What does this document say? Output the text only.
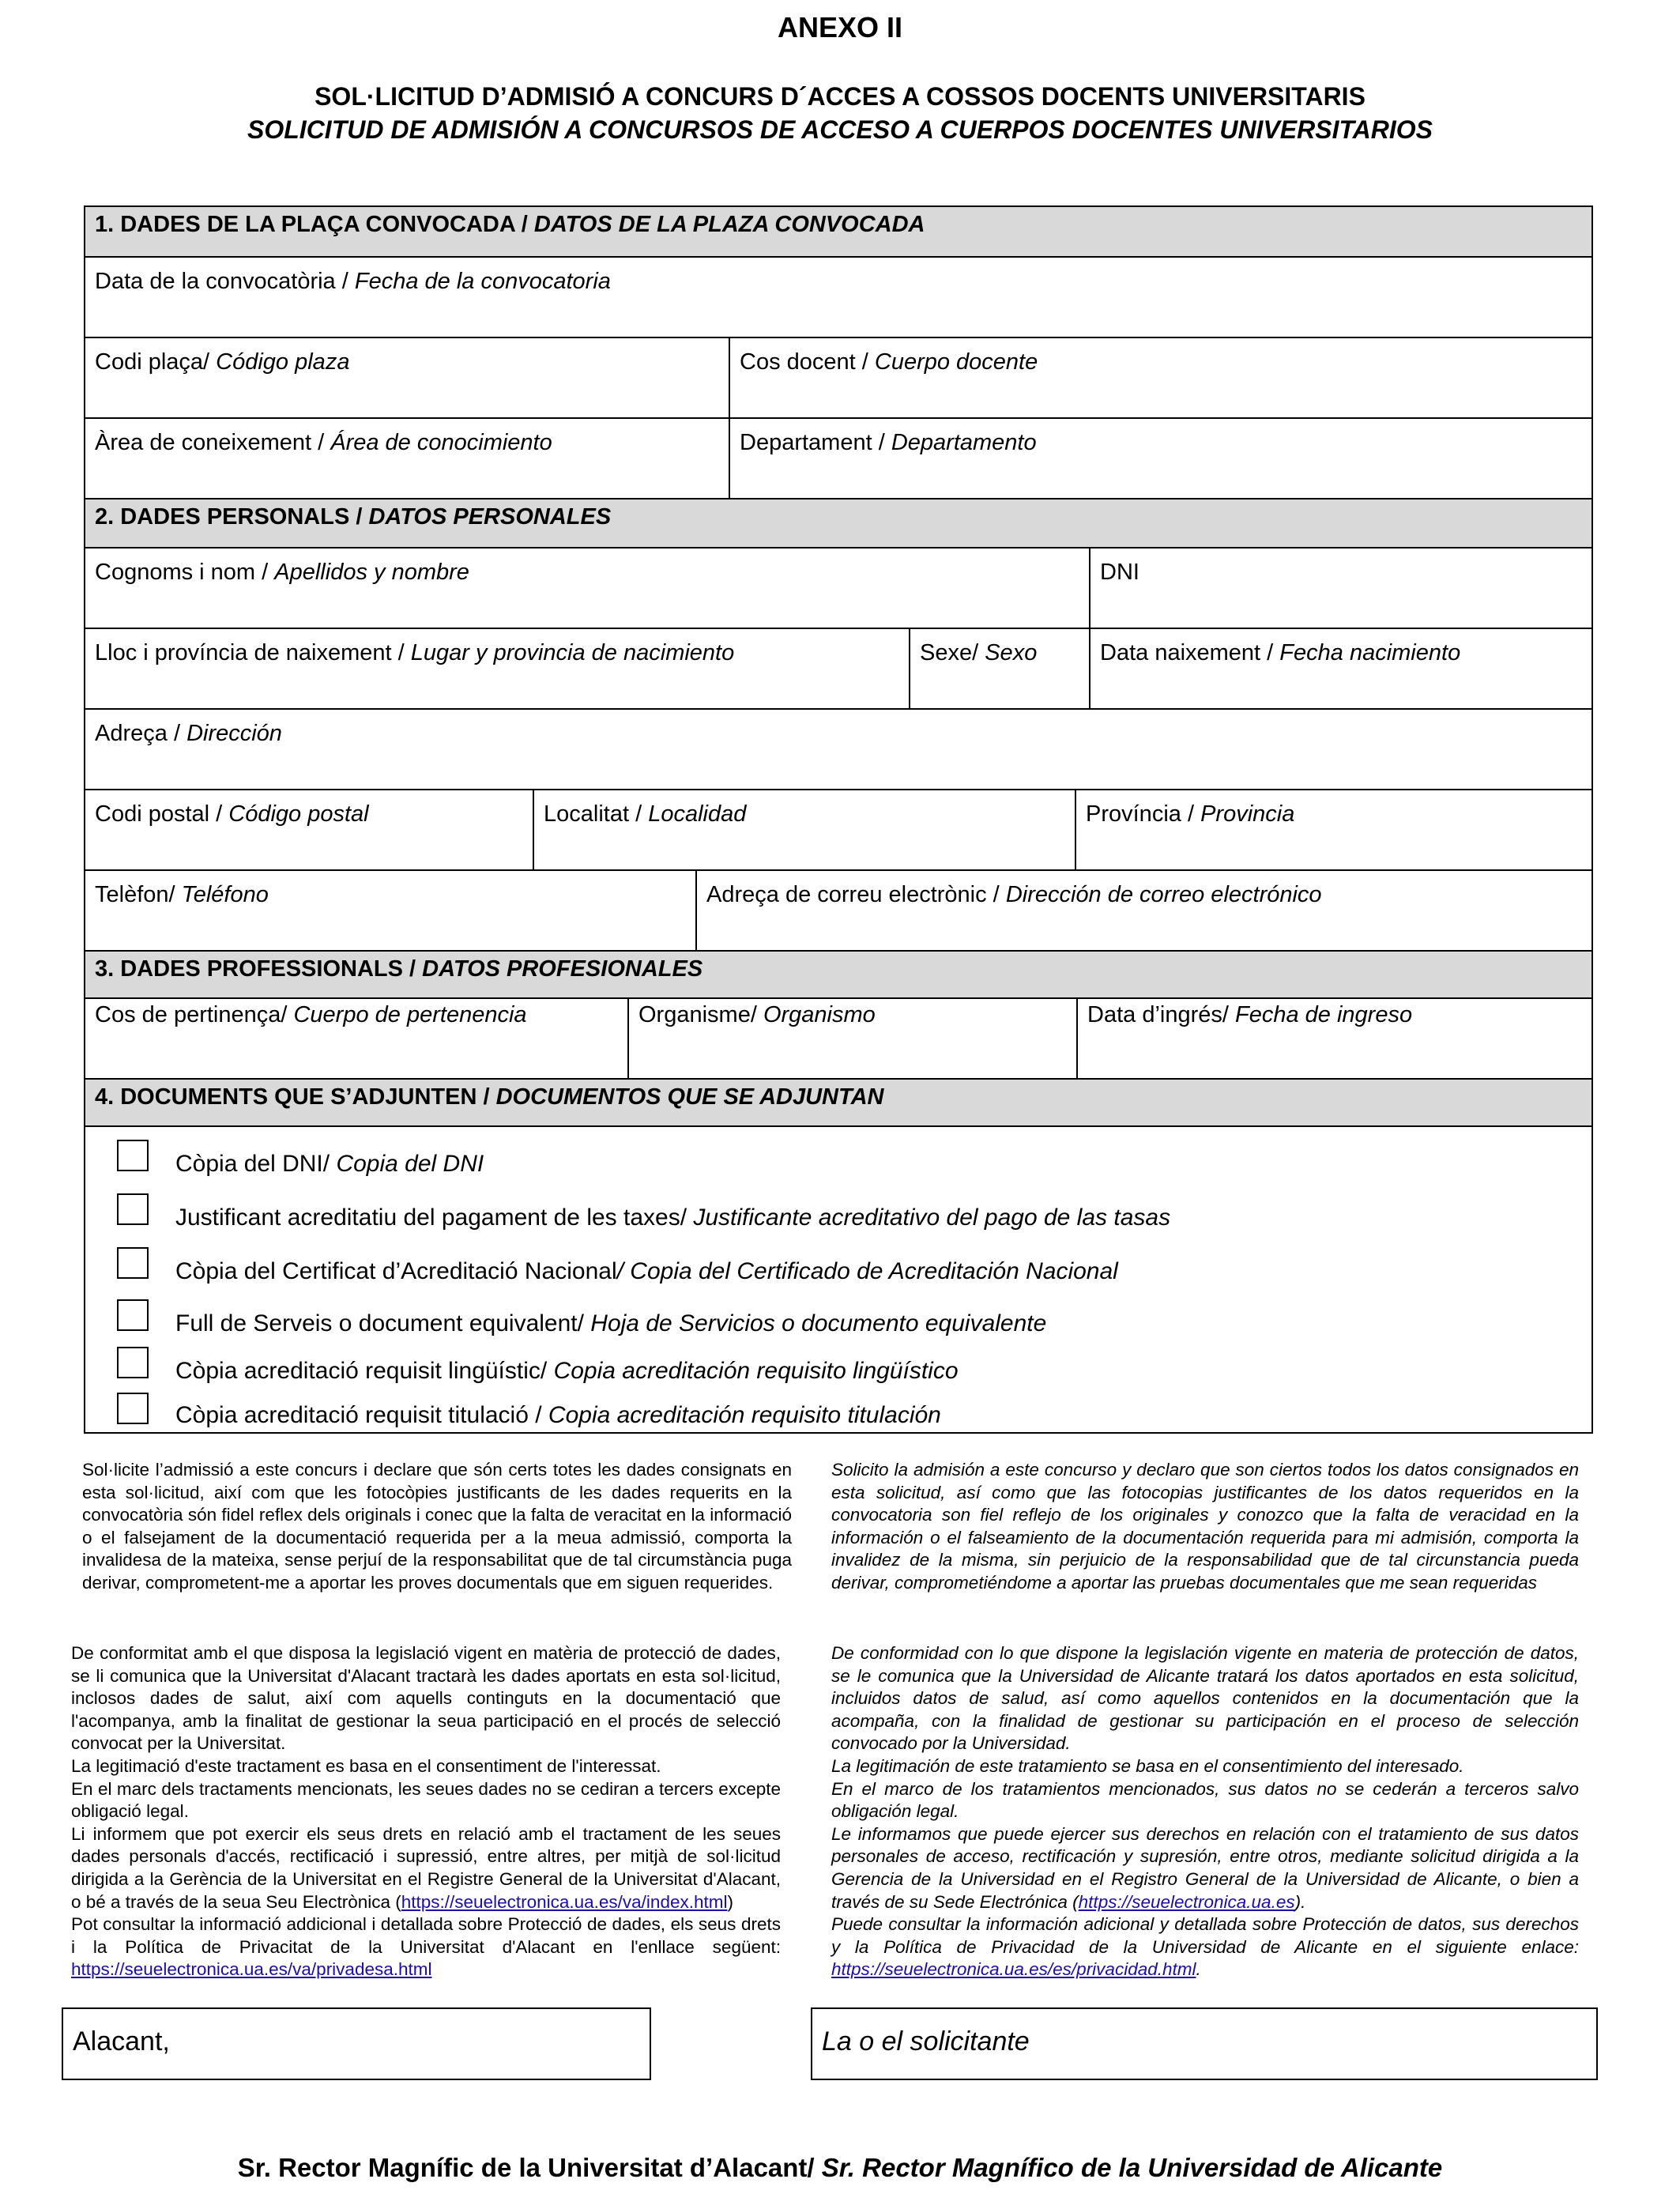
ANEXO II
SOL·LICITUD D’ADMISIÓ A CONCURS D´ACCES A COSSOS DOCENTS UNIVERSITARIS
SOLICITUD DE ADMISIÓN A CONCURSOS DE ACCESO A CUERPOS DOCENTES UNIVERSITARIOS
1. DADES DE LA PLAÇA CONVOCADA / DATOS DE LA PLAZA CONVOCADA
Data de la convocatòria / Fecha de la convocatoria
Codi plaça/ Código plaza	Cos docent / Cuerpo docente
Àrea de coneixement / Área de conocimiento	Departament / Departamento
2. DADES PERSONALS / DATOS PERSONALES
Cognoms i nom / Apellidos y nombre	DNI
Lloc i província de naixement / Lugar y provincia de nacimiento	Sexe/ Sexo	Data naixement / Fecha nacimiento
Adreça / Dirección
Codi postal / Código postal	Localitat / Localidad	Província / Provincia
Telèfon/ Teléfono	Adreça de correu electrònic / Dirección de correo electrónico
3. DADES PROFESSIONALS / DATOS PROFESIONALES
Cos de pertinença/ Cuerpo de pertenencia	Organisme/ Organismo	Data d’ingrés/ Fecha de ingreso
4. DOCUMENTS QUE S’ADJUNTEN / DOCUMENTOS QUE SE ADJUNTAN
Còpia del DNI/ Copia del DNI
Justificant acreditatiu del pagament de les taxes/ Justificante acreditativo del pago de las tasas
Còpia del Certificat d’Acreditació Nacional/ Copia del Certificado de Acreditación Nacional
Full de Serveis o document equivalent/ Hoja de Servicios o documento equivalente
Còpia acreditació requisit lingüístic/ Copia acreditación requisito lingüístico
Còpia acreditació requisit titulació / Copia acreditación requisito titulación
Sol·licite l’admissió a este concurs i declare que són certs totes les dades consignats en esta sol·licitud, així com que les fotocòpies justificants de les dades requerits en la convocatòria són fidel reflex dels originals i conec que la falta de veracitat en la informació o el falsejament de la documentació requerida per a la meua admissió, comporta la invalidesa de la mateixa, sense perjuí de la responsabilitat que de tal circumstància puga derivar, comprometent-me a aportar les proves documentals que em siguen requerides.
Solicito la admisión a este concurso y declaro que son ciertos todos los datos consignados en esta solicitud, así como que las fotocopias justificantes de los datos requeridos en la convocatoria son fiel reflejo de los originales y conozco que la falta de veracidad en la información o el falseamiento de la documentación requerida para mi admisión, comporta la invalidez de la misma, sin perjuicio de la responsabilidad que de tal circunstancia pueda derivar, comprometiéndome a aportar las pruebas documentales que me sean requeridas

De conformitat amb el que disposa la legislació vigent en matèria de protecció de dades, se li comunica que la Universitat d'Alacant tractarà les dades aportats en esta sol·licitud, inclosos dades de salut, així com aquells continguts en la documentació que l'acompanya, amb la finalitat de gestionar la seua participació en el procés de selecció convocat per la Universitat.

La legitimació d'este tractament es basa en el consentiment de l'interessat.

En el marc dels tractaments mencionats, les seues dades no se cediran a tercers excepte obligació legal.

Li informem que pot exercir els seus drets en relació amb el tractament de les seues dades personals d'accés, rectificació i supressió, entre altres, per mitjà de sol·licitud dirigida a la Gerència de la Universitat en el Registre General de la Universitat d'Alacant, o bé a través de la seua Seu Electrònica (https://seuelectronica.ua.es/va/index.html)

Pot consultar la informació addicional i detallada sobre Protecció de dades, els seus drets i la Política de Privacitat de la Universitat d'Alacant en l'enllace següent: https://seuelectronica.ua.es/va/privadesa.html

De conformidad con lo que dispone la legislación vigente en materia de protección de datos, se le comunica que la Universidad de Alicante tratará los datos aportados en esta solicitud, incluidos datos de salud, así como aquellos contenidos en la documentación que la acompaña, con la finalidad de gestionar su participación en el proceso de selección convocado por la Universidad.

La legitimación de este tratamiento se basa en el consentimiento del interesado.

En el marco de los tratamientos mencionados, sus datos no se cederán a terceros salvo obligación legal.

Le informamos que puede ejercer sus derechos en relación con el tratamiento de sus datos personales de acceso, rectificación y supresión, entre otros, mediante solicitud dirigida a la Gerencia de la Universidad en el Registro General de la Universidad de Alicante, o bien a través de su Sede Electrónica (https://seuelectronica.ua.es).

Puede consultar la información adicional y detallada sobre Protección de datos, sus derechos y la Política de Privacidad de la Universidad de Alicante en el siguiente enlace: https://seuelectronica.ua.es/es/privacidad.html.

Alacant,	La o el solicitante
Sr. Rector Magnífic de la Universitat d’Alacant/ Sr. Rector Magnífico de la Universidad de Alicante
